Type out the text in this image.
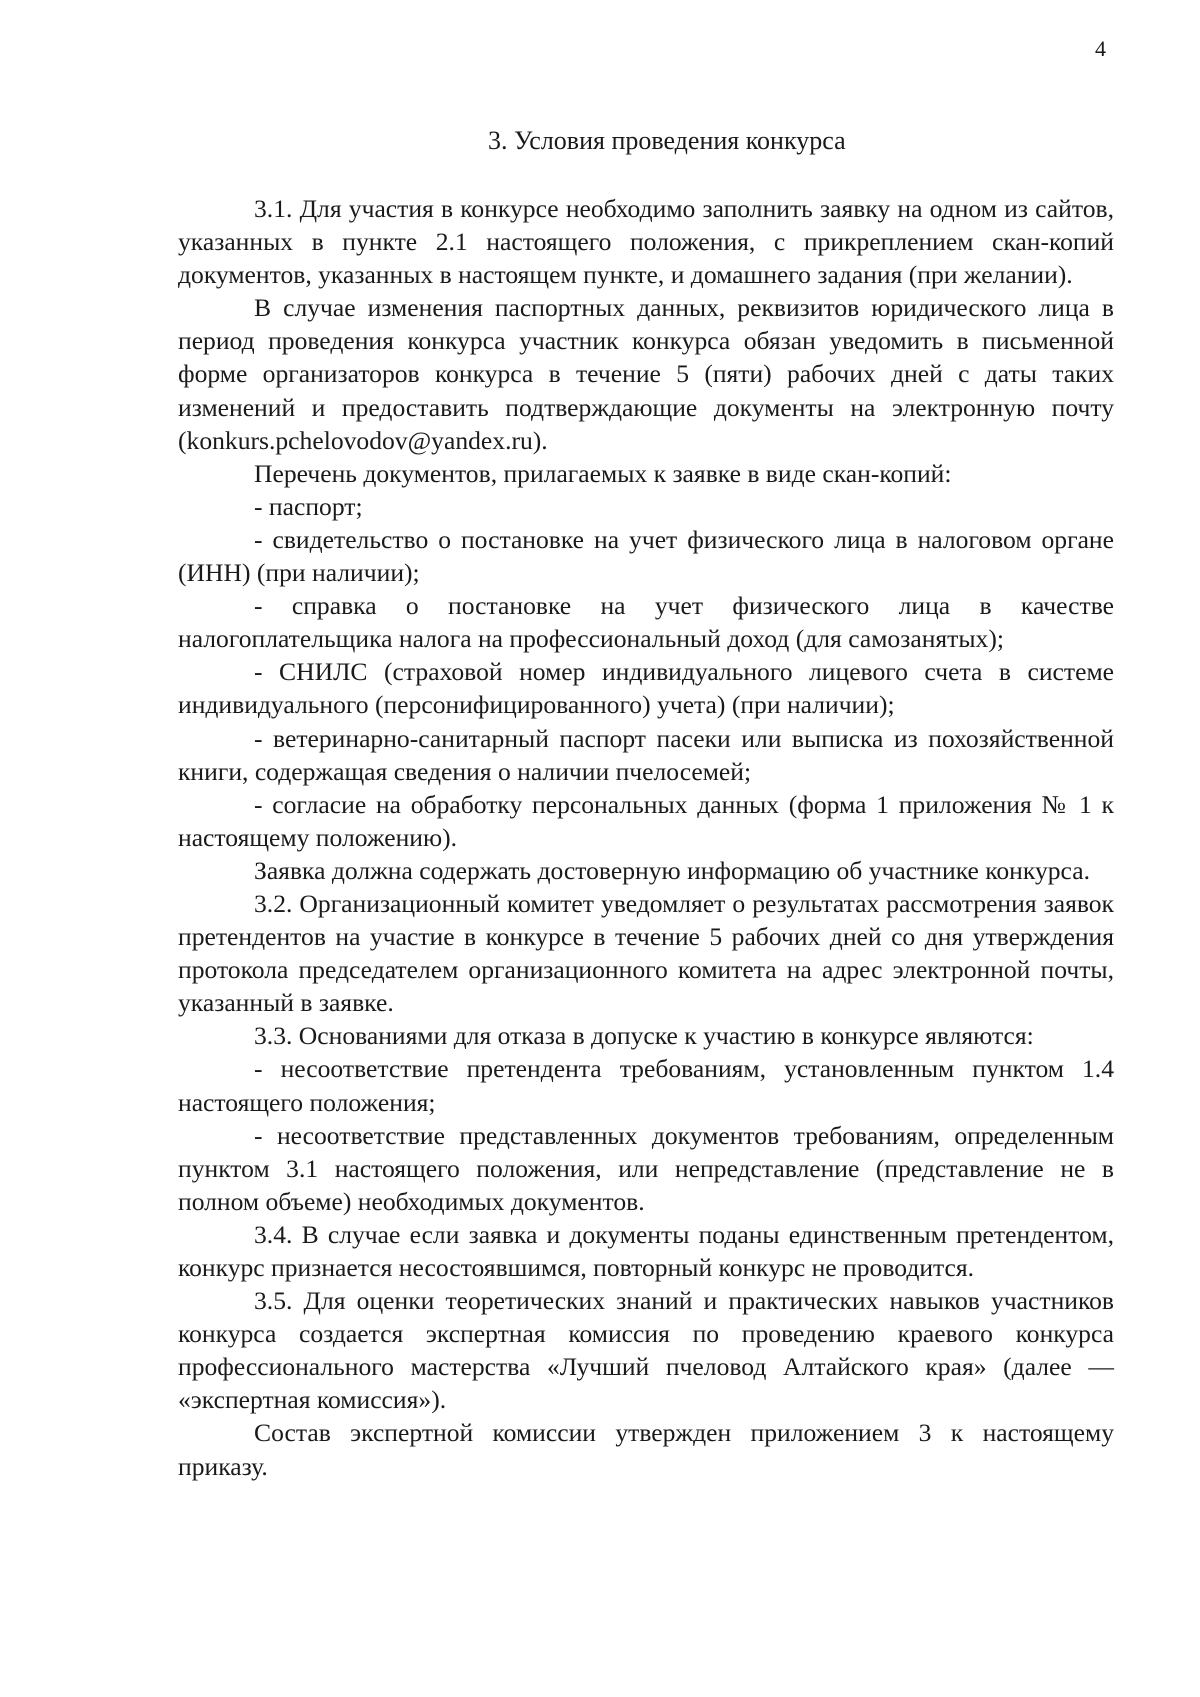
4
3. Условия проведения конкурса

3.1. Для участия в конкурсе необходимо заполнить заявку на одном из сайтов, указанных в пункте 2.1 настоящего положения, с прикреплением скан-копий документов, указанных в настоящем пункте, и домашнего задания (при желании).

В случае изменения паспортных данных, реквизитов юридического лица в период проведения конкурса участник конкурса обязан уведомить в письменной форме организаторов конкурса в течение 5 (пяти) рабочих дней с даты таких изменений и предоставить подтверждающие документы на электронную почту (konkurs.pchelovodov@yandex.ru).

Перечень документов, прилагаемых к заявке в виде скан-копий:

- паспорт;

- свидетельство о постановке на учет физического лица в налоговом органе (ИНН) (при наличии);

- справка о постановке на учет физического лица в качестве налогоплательщика налога на профессиональный доход (для самозанятых);

- СНИЛС (страховой номер индивидуального лицевого счета в системе индивидуального (персонифицированного) учета) (при наличии);

- ветеринарно-санитарный паспорт пасеки или выписка из похозяйственной книги, содержащая сведения о наличии пчелосемей;

- согласие на обработку персональных данных (форма 1 приложения № 1 к настоящему положению).

Заявка должна содержать достоверную информацию об участнике конкурса.

3.2. Организационный комитет уведомляет о результатах рассмотрения заявок претендентов на участие в конкурсе в течение 5 рабочих дней со дня утверждения протокола председателем организационного комитета на адрес электронной почты, указанный в заявке.

3.3. Основаниями для отказа в допуске к участию в конкурсе являются:

- несоответствие претендента требованиям, установленным пунктом 1.4 настоящего положения;

- несоответствие представленных документов требованиям, определенным пунктом 3.1 настоящего положения, или непредставление (представление не в полном объеме) необходимых документов.

3.4. В случае если заявка и документы поданы единственным претендентом, конкурс признается несостоявшимся, повторный конкурс не проводится.

3.5. Для оценки теоретических знаний и практических навыков участников конкурса создается экспертная комиссия по проведению краевого конкурса профессионального мастерства «Лучший пчеловод Алтайского края» (далее — «экспертная комиссия»).

Состав экспертной комиссии утвержден приложением 3 к настоящему приказу.
